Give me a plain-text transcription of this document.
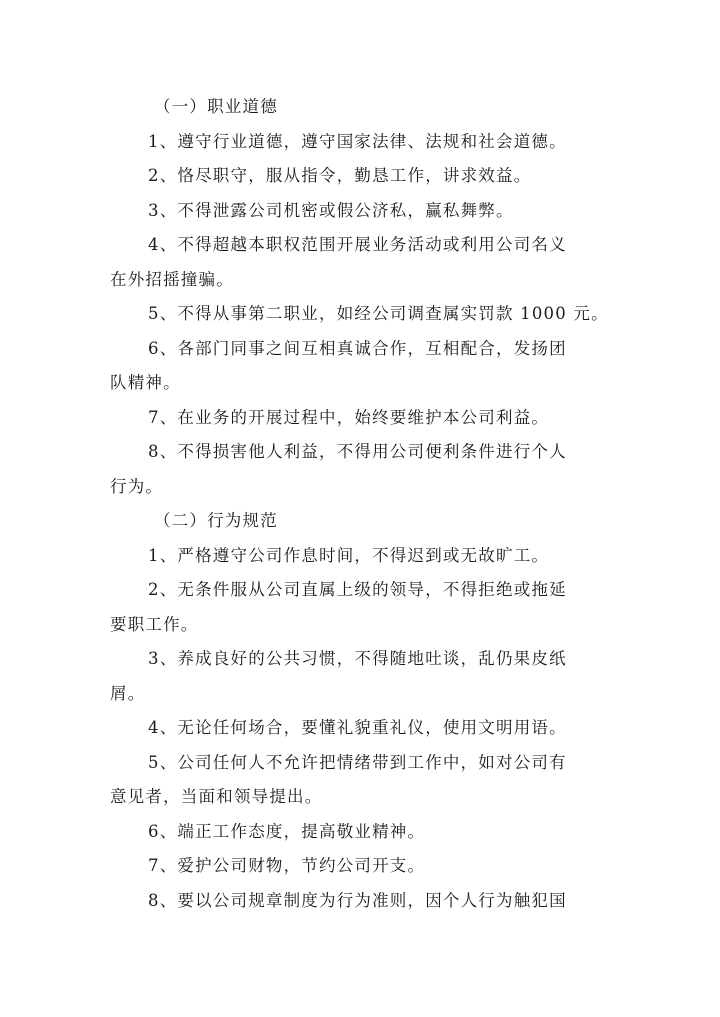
（一）职业道德
1、遵守行业道德，遵守国家法律、法规和社会道德。
2、恪尽职守，服从指令，勤恳工作，讲求效益。
3、不得泄露公司机密或假公济私，赢私舞弊。
4、不得超越本职权范围开展业务活动或利用公司名义
在外招摇撞骗。
5、不得从事第二职业，如经公司调查属实罚款 1000 元。
6、各部门同事之间互相真诚合作，互相配合，发扬团
队精神。
7、在业务的开展过程中，始终要维护本公司利益。
8、不得损害他人利益，不得用公司便利条件进行个人
行为。
（二）行为规范
1、严格遵守公司作息时间，不得迟到或无故旷工。
2、无条件服从公司直属上级的领导，不得拒绝或拖延
要职工作。
3、养成良好的公共习惯，不得随地吐谈，乱仍果皮纸
屑。
4、无论任何场合，要懂礼貌重礼仪，使用文明用语。
5、公司任何人不允许把情绪带到工作中，如对公司有
意见者，当面和领导提出。
6、端正工作态度，提高敬业精神。
7、爱护公司财物，节约公司开支。
8、要以公司规章制度为行为准则，因个人行为触犯国
